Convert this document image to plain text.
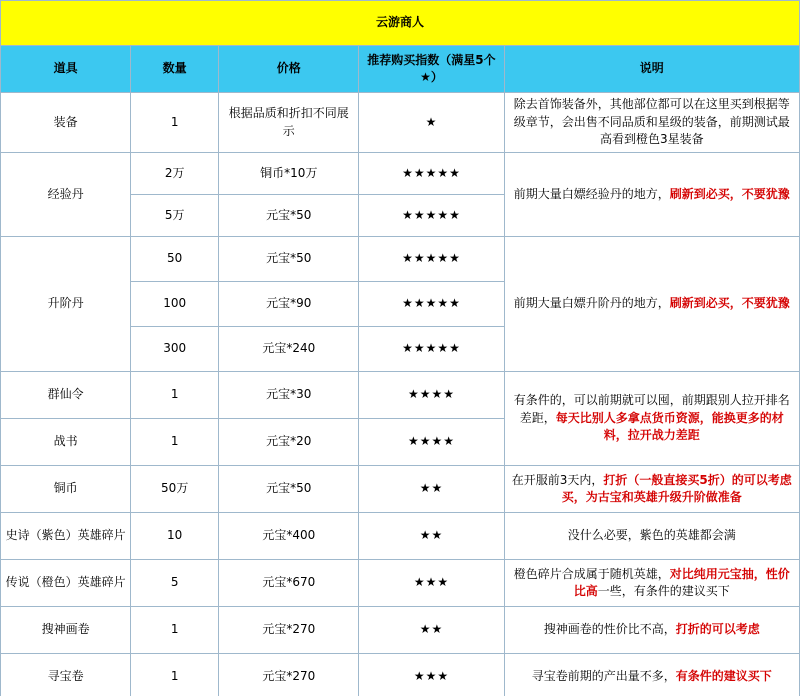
云游商人				
道具	数量	价格	推荐购买指数（满星5个★）	说明
装备	1	根据品质和折扣不同展示	★	除去首饰装备外，其他部位都可以在这里买到根据等级章节，会出售不同品质和星级的装备，前期测试最高看到橙色3星装备
经验丹	2万	铜币*10万	★★★★★	前期大量白嫖经验丹的地方，刷新到必买，不要犹豫
	5万	元宝*50	★★★★★	
升阶丹	50	元宝*50	★★★★★	前期大量白嫖升阶丹的地方，刷新到必买，不要犹豫
	100	元宝*90	★★★★★	
	300	元宝*240	★★★★★	
群仙令	1	元宝*30	★★★★	有条件的，可以前期就可以囤，前期跟别人拉开排名差距，每天比别人多拿点货币资源，能换更多的材料，拉开战力差距
战书	1	元宝*20	★★★★	
铜币	50万	元宝*50	★★	在开服前3天内，打折（一般直接买5折）的可以考虑买，为古宝和英雄升级升阶做准备
史诗（紫色）英雄碎片	10	元宝*400	★★	没什么必要，紫色的英雄都会满
传说（橙色）英雄碎片	5	元宝*670	★★★	橙色碎片合成属于随机英雄，对比纯用元宝抽，性价比高一些，有条件的建议买下
搜神画卷	1	元宝*270	★★	搜神画卷的性价比不高，打折的可以考虑
寻宝卷	1	元宝*270	★★★	寻宝卷前期的产出量不多，有条件的建议买下
